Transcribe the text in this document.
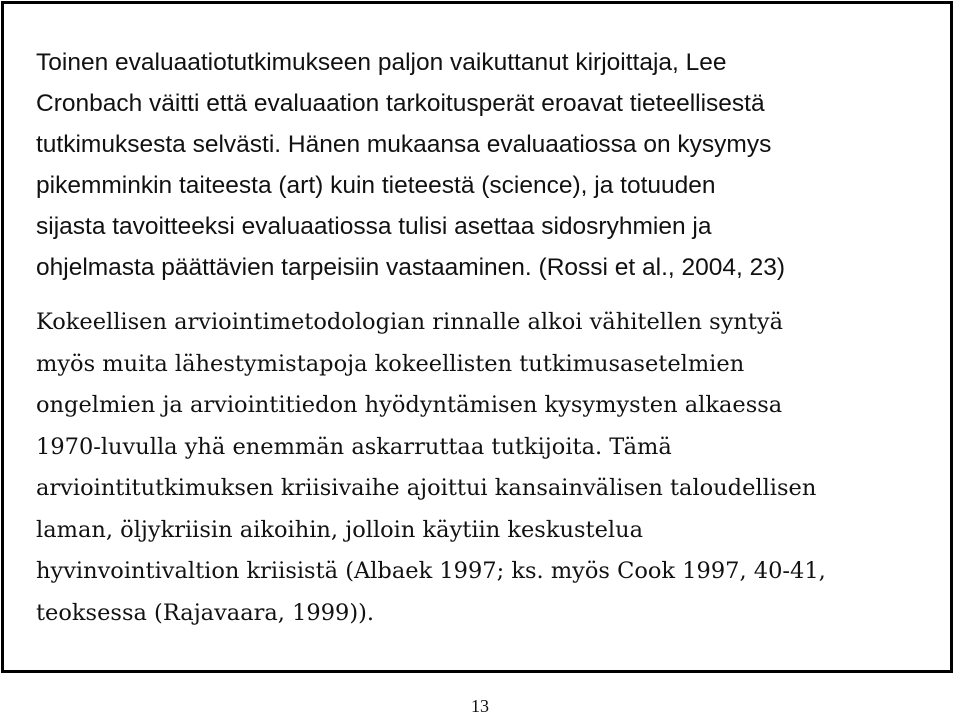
Toinen evaluaatiotutkimukseen paljon vaikuttanut kirjoittaja, Lee
Cronbach väitti että evaluaation tarkoitusperät eroavat tieteellisestä
tutkimuksesta selvästi. Hänen mukaansa evaluaatiossa on kysymys
pikemminkin taiteesta (art) kuin tieteestä (science), ja totuuden
sijasta tavoitteeksi evaluaatiossa tulisi asettaa sidosryhmien ja
ohjelmasta päättävien tarpeisiin vastaaminen. (Rossi et al., 2004, 23)
Kokeellisen arviointimetodologian rinnalle alkoi vähitellen syntyä
myös muita lähestymistapoja kokeellisten tutkimusasetelmien
ongelmien ja arviointitiedon hyödyntämisen kysymysten alkaessa
1970-luvulla yhä enemmän askarruttaa tutkijoita. Tämä
arviointitutkimuksen kriisivaihe ajoittui kansainvälisen taloudellisen
laman, öljykriisin aikoihin, jolloin käytiin keskustelua
hyvinvointivaltion kriisistä (Albaek 1997; ks. myös Cook 1997, 40-41,
teoksessa (Rajavaara, 1999)).
13
